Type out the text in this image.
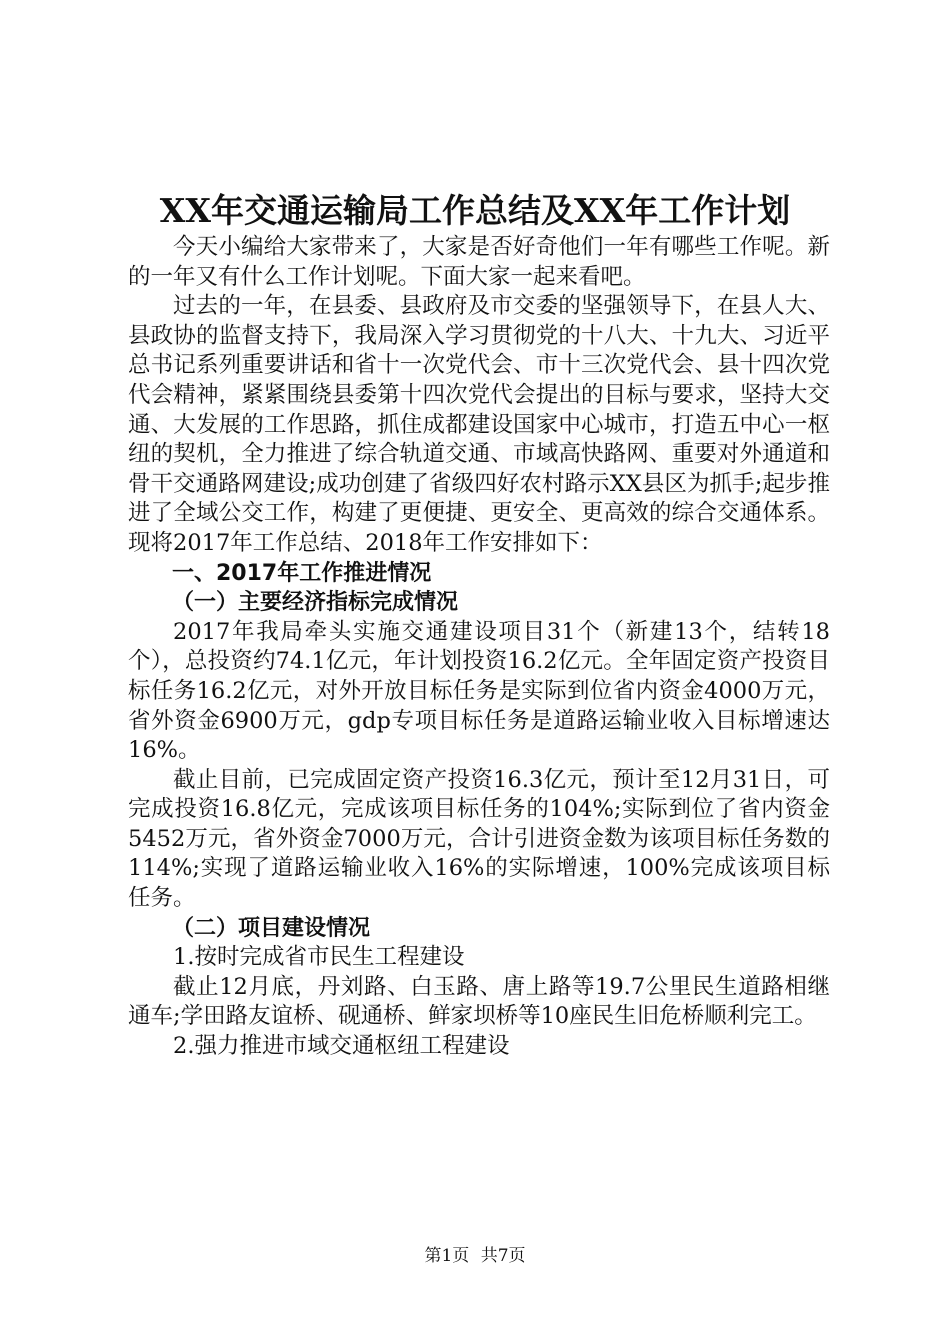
XX年交通运输局工作总结及XX年工作计划

今天小编给大家带来了，大家是否好奇他们一年有哪些工作呢。新的一年又有什么工作计划呢。下面大家一起来看吧。

过去的一年，在县委、县政府及市交委的坚强领导下，在县人大、县政协的监督支持下，我局深入学习贯彻党的十八大、十九大、习近平总书记系列重要讲话和省十一次党代会、市十三次党代会、县十四次党代会精神，紧紧围绕县委第十四次党代会提出的目标与要求，坚持大交通、大发展的工作思路，抓住成都建设国家中心城市，打造五中心一枢纽的契机，全力推进了综合轨道交通、市域高快路网、重要对外通道和骨干交通路网建设;成功创建了省级四好农村路示XX县区为抓手;起步推进了全域公交工作，构建了更便捷、更安全、更高效的综合交通体系。现将2017年工作总结、2018年工作安排如下：

一、2017年工作推进情况

（一）主要经济指标完成情况

2017年我局牵头实施交通建设项目31个（新建13个，结转18个），总投资约74.1亿元，年计划投资16.2亿元。全年固定资产投资目标任务16.2亿元，对外开放目标任务是实际到位省内资金4000万元，省外资金6900万元，gdp专项目标任务是道路运输业收入目标增速达16%。

截止目前，已完成固定资产投资16.3亿元，预计至12月31日，可完成投资16.8亿元，完成该项目标任务的104%;实际到位了省内资金5452万元，省外资金7000万元，合计引进资金数为该项目标任务数的114%;实现了道路运输业收入16%的实际增速，100%完成该项目标任务。

（二）项目建设情况

1.按时完成省市民生工程建设

截止12月底，丹刘路、白玉路、唐上路等19.7公里民生道路相继通车;学田路友谊桥、砚通桥、鲜家坝桥等10座民生旧危桥顺利完工。

2.强力推进市域交通枢纽工程建设

第1页 共7页
